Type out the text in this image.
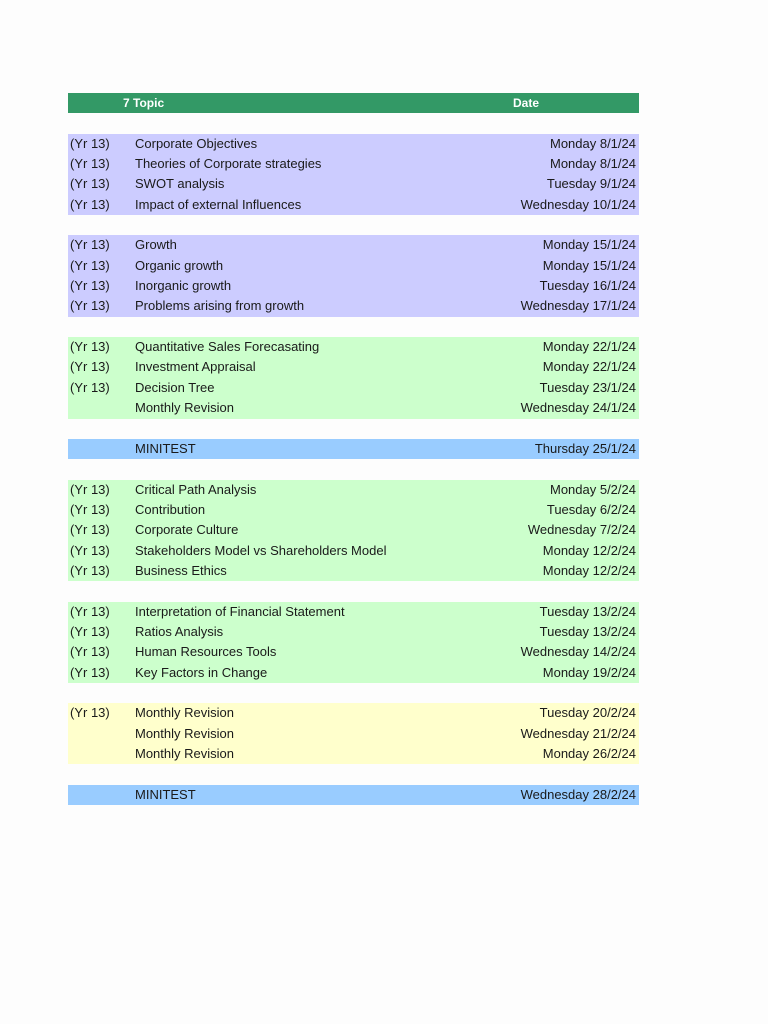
7 Topic	Date
(Yr 13) Corporate Objectives	Monday 8/1/24
(Yr 13) Theories of Corporate strategies	Monday 8/1/24
(Yr 13) SWOT analysis	Tuesday 9/1/24
(Yr 13) Impact of external Influences	Wednesday 10/1/24
(Yr 13) Growth	Monday 15/1/24
(Yr 13) Organic growth	Monday 15/1/24
(Yr 13) Inorganic growth	Tuesday 16/1/24
(Yr 13) Problems arising from growth	Wednesday 17/1/24
(Yr 13) Quantitative Sales Forecasating	Monday 22/1/24
(Yr 13) Investment Appraisal	Monday 22/1/24
(Yr 13) Decision Tree	Tuesday 23/1/24
Monthly Revision	Wednesday 24/1/24
MINITEST	Thursday 25/1/24
(Yr 13) Critical Path Analysis	Monday 5/2/24
(Yr 13) Contribution	Tuesday 6/2/24
(Yr 13) Corporate Culture	Wednesday 7/2/24
(Yr 13) Stakeholders Model vs Shareholders Model	Monday 12/2/24
(Yr 13) Business Ethics	Monday 12/2/24
(Yr 13) Interpretation of Financial Statement	Tuesday 13/2/24
(Yr 13) Ratios Analysis	Tuesday 13/2/24
(Yr 13) Human Resources Tools	Wednesday 14/2/24
(Yr 13) Key Factors in Change	Monday 19/2/24
(Yr 13) Monthly Revision	Tuesday 20/2/24
Monthly Revision	Wednesday 21/2/24
Monthly Revision	Monday 26/2/24
MINITEST	Wednesday 28/2/24
